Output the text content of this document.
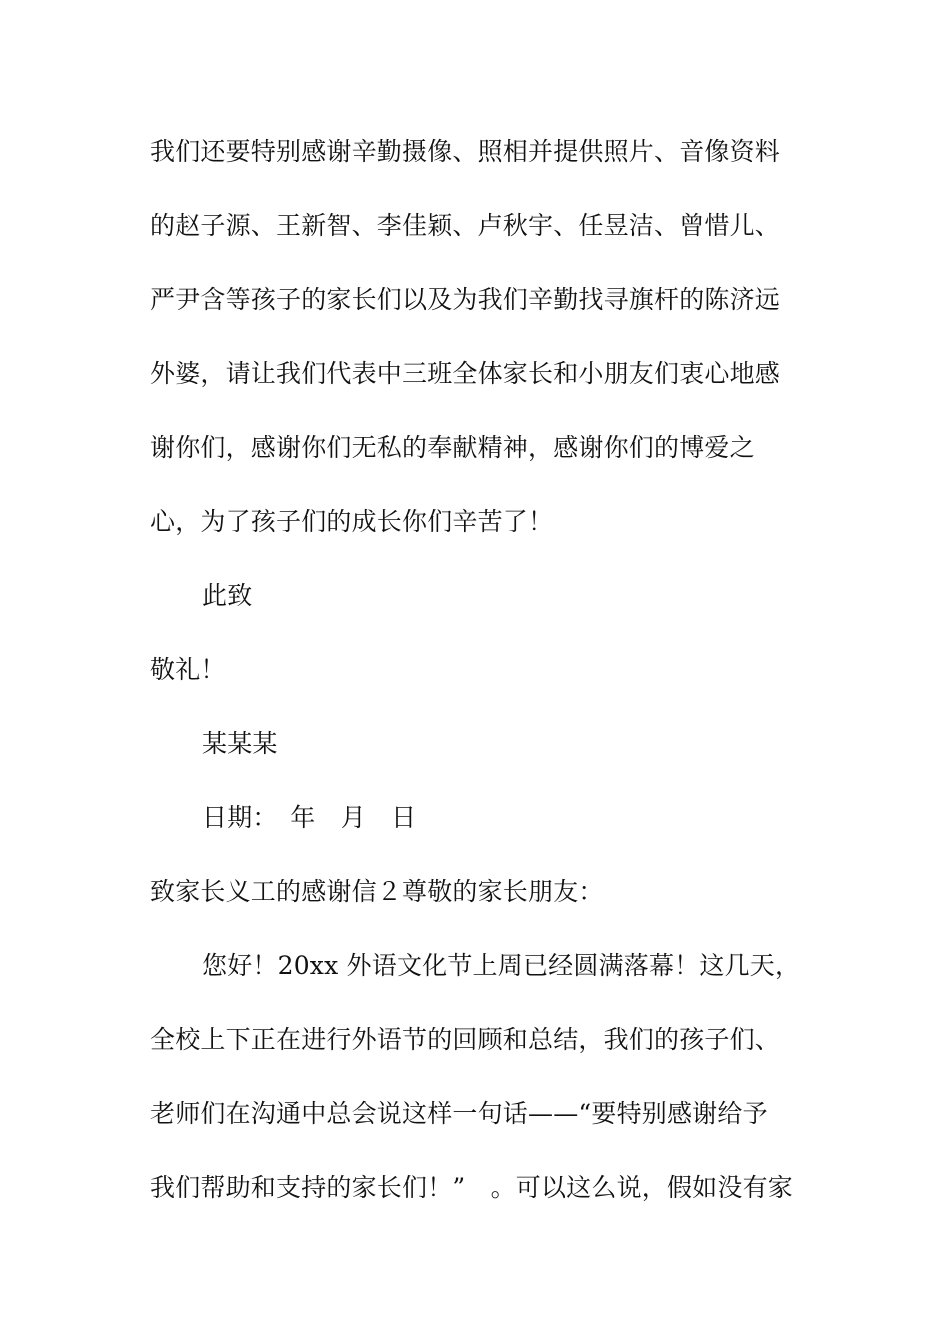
我们还要特别感谢辛勤摄像、照相并提供照片、音像资料
的赵子源、王新智、李佳颖、卢秋宇、任昱洁、曾惜儿、
严尹含等孩子的家长们以及为我们辛勤找寻旗杆的陈济远
外婆，请让我们代表中三班全体家长和小朋友们衷心地感
谢你们，感谢你们无私的奉献精神，感谢你们的博爱之
心，为了孩子们的成长你们辛苦了！
此致
敬礼！
某某某
日期：　年　月　日
致家长义工的感谢信２尊敬的家长朋友：
您好！20xx 外语文化节上周已经圆满落幕！这几天，
全校上下正在进行外语节的回顾和总结，我们的孩子们、
老师们在沟通中总会说这样一句话——“要特别感谢给予
我们帮助和支持的家长们！”　。可以这么说，假如没有家
